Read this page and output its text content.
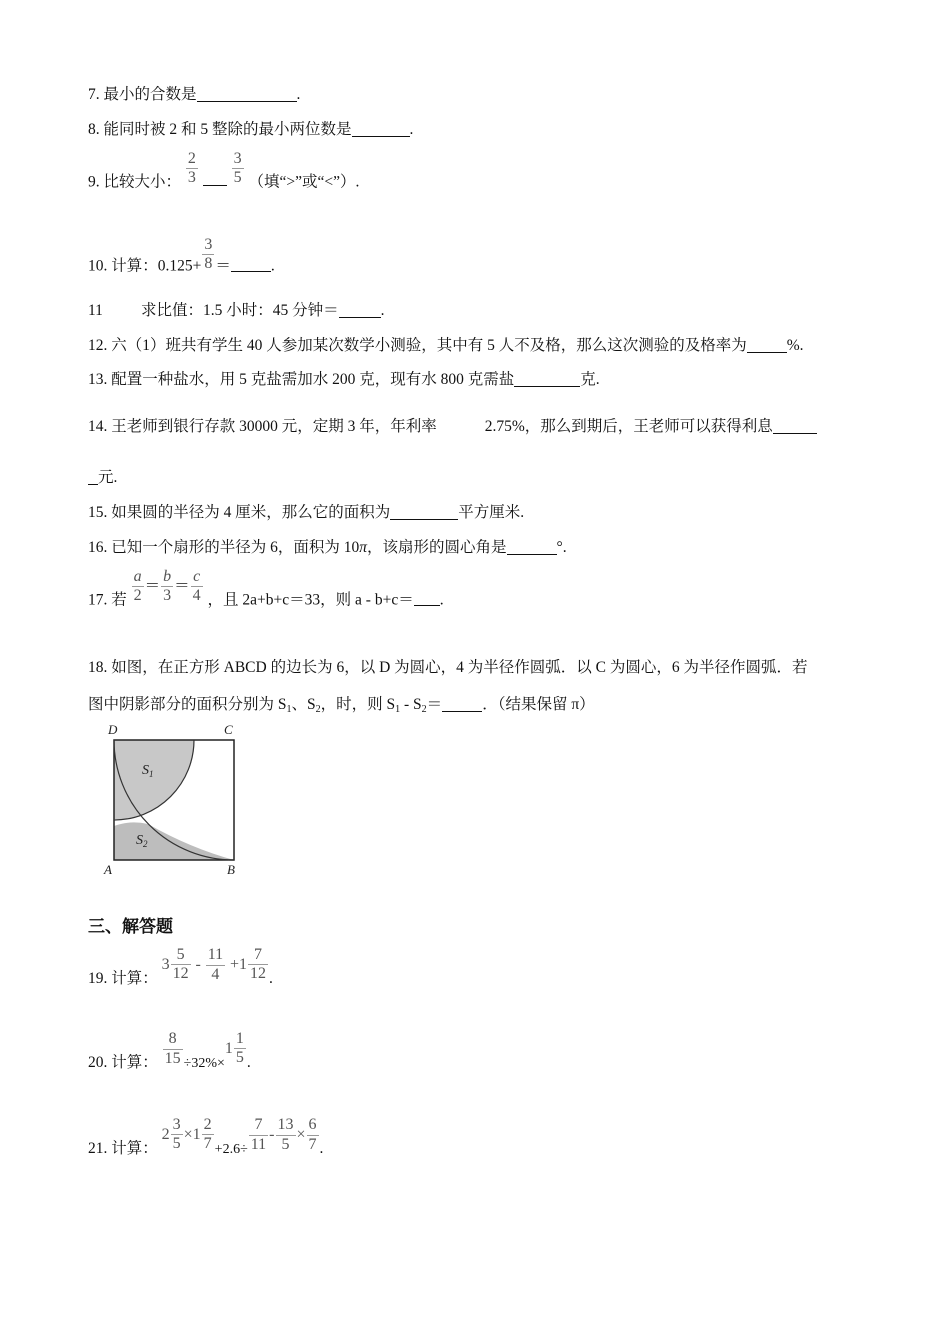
7. 最小的合数是	.
8. 能同时被 2 和 5 整除的最小两位数是	.
9. 比较大小： $\frac{2}{3}$
$\frac{3}{5}$ （填“>”或“<”）.
10. 计算：$0.125+ \frac{3}{8}$ ＝	.
11 求比值：1.5 小时：45 分钟＝	.
12. 六（1）班共有学生 40 人参加某次数学小测验，其中有 5 人不及格，那么这次测验的及格率为	%.
13. 配置一种盐水，用 5 克盐需加水 200 克，现有水 800 克需盐	克.
14. 王老师到银行存款 30000 元，定期 3 年，年利率	2.75%，那么到期后，王老师可以获得利息
元.
15. 如果圆的半径为 4 厘米，那么它的面积为	平方厘米.
16. 已知一个扇形的半径为 6，面积为 10π，该扇形的圆心角是	°.
17. 若 $\frac{a}{2} = \frac{b}{3} = \frac{c}{4}$ ，且 2a+b+c＝33，则 a - b+c＝ .
18. 如图，在正方形 ABCD 的边长为 6，以 D 为圆心，4 为半径作圆弧．以 C 为圆心，6 为半径作圆弧．若
图中阴影部分的面积分别为 $S_1$、$S_2$，时，则 $S_1 - S_2=$	．（结果保留 π）
D	C
A	B
$S_1$
$S_2$
三、解答题
19. 计算：
$3 \frac{5}{12} - \frac{11}{4}$
$+1 \frac{7}{12}$ .
20. 计算： $\frac{8}{15} \div 32\%\times$
$1 \frac{1}{5}$ .
21. 计算：
$2 \frac{3}{5} \times 1 \frac{2}{7} +2.6\div \frac{7}{11} - \frac{13}{5} \times \frac{6}{7}$ .
